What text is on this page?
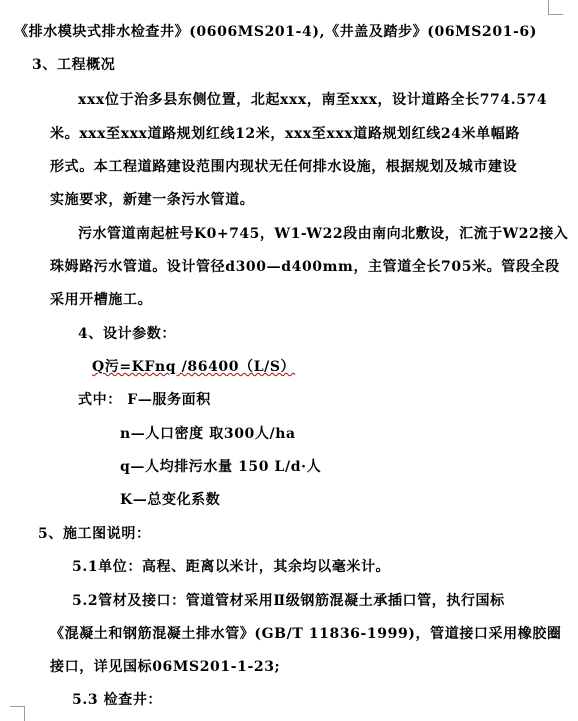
《排水模块式排水检查井》(0606MS201-4),《井盖及踏步》(06MS201-6)
3、工程概况
xxx位于治多县东侧位置，北起xxx，南至xxx，设计道路全长774.574
米。xxx至xxx道路规划红线12米，xxx至xxx道路规划红线24米单幅路
形式。本工程道路建设范围内现状无任何排水设施，根据规划及城市建设
实施要求，新建一条污水管道。
污水管道南起桩号K0+745，W1-W22段由南向北敷设，汇流于W22接入
珠姆路污水管道。设计管径d300—d400mm，主管道全长705米。管段全段
采用开槽施工。
4、设计参数：
Q污=KFnq /86400（L/S）
式中： F—服务面积
n—人口密度 取300人/ha
q—人均排污水量 150 L/d·人
K—总变化系数
5、施工图说明：
5.1单位：高程、距离以米计，其余均以毫米计。
5.2管材及接口：管道管材采用Ⅱ级钢筋混凝土承插口管，执行国标
《混凝土和钢筋混凝土排水管》(GB/T 11836-1999)，管道接口采用橡胶圈
接口，详见国标06MS201-1-23;
5.3 检查井：
